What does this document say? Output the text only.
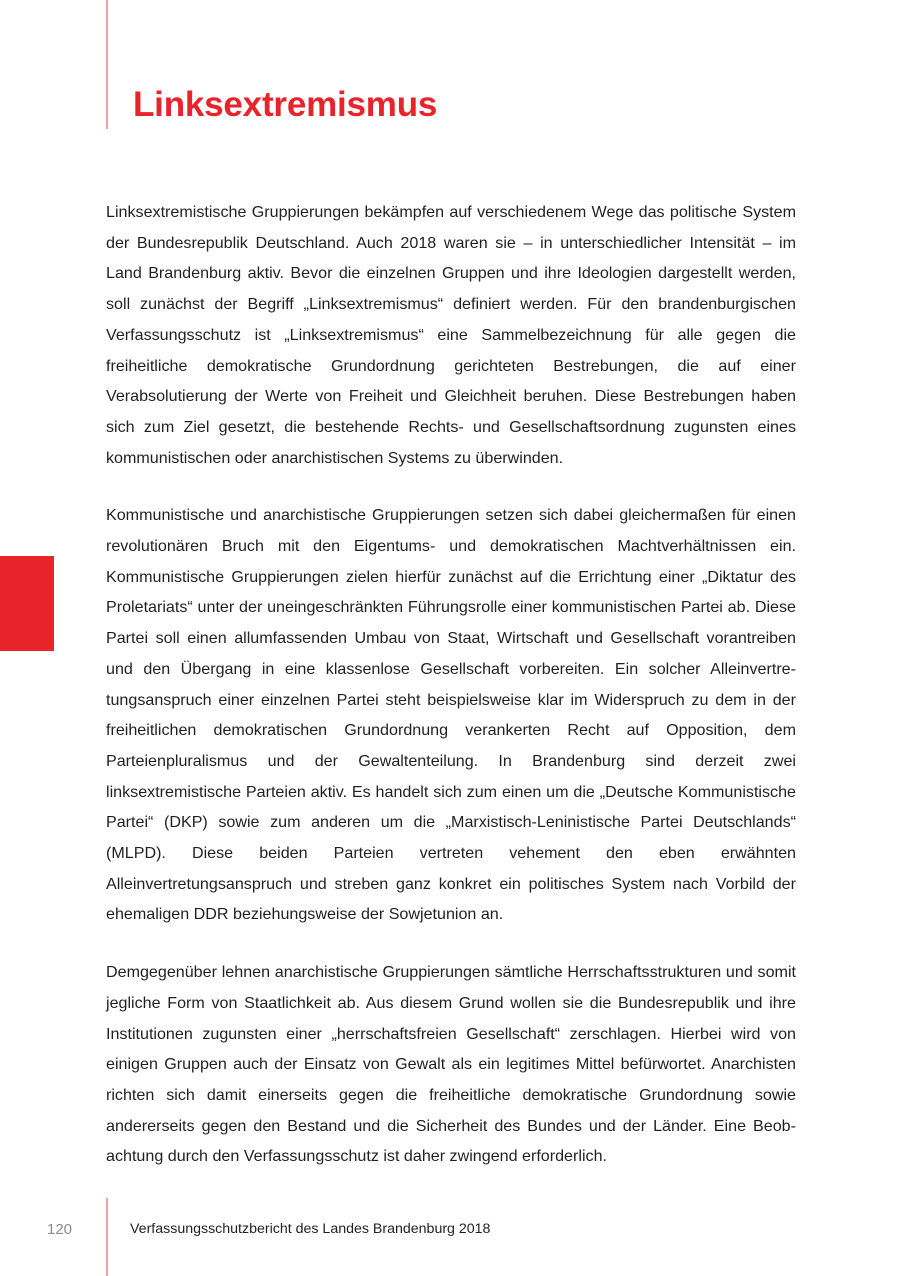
Linksextremismus

Linksextremistische Gruppierungen bekämpfen auf verschiedenem Wege das politische System der Bundesrepublik Deutschland. Auch 2018 waren sie – in unterschiedlicher Intensität – im Land Brandenburg aktiv. Bevor die einzelnen Gruppen und ihre Ideologien dargestellt werden, soll zunächst der Begriff „Linksextremismus“ definiert werden. Für den brandenburgischen Verfassungsschutz ist „Linksextremismus“ eine Sammelbezeichnung für alle gegen die freiheitliche demokratische Grundordnung gerichteten Bestrebungen, die auf einer Verabsolutierung der Werte von Freiheit und Gleichheit beruhen. Diese Bestrebungen haben sich zum Ziel gesetzt, die bestehende Rechts- und Gesellschaftsordnung zugunsten eines kommunistischen oder anarchistischen Systems zu überwinden.

Kommunistische und anarchistische Gruppierungen setzen sich dabei gleichermaßen für einen revolutionären Bruch mit den Eigentums- und demokratischen Machtverhältnissen ein. Kommunistische Gruppierungen zielen hierfür zunächst auf die Errichtung einer „Diktatur des Proletariats“ unter der uneingeschränkten Führungsrolle einer kommunistischen Partei ab. Diese Partei soll einen allumfassenden Umbau von Staat, Wirtschaft und Gesellschaft vorantreiben und den Übergang in eine klassenlose Gesellschaft vorbereiten. Ein solcher Alleinvertretungsanspruch einer einzelnen Partei steht beispielsweise klar im Widerspruch zu dem in der freiheitlichen demokratischen Grundordnung verankerten Recht auf Opposition, dem Parteienpluralismus und der Gewaltenteilung. In Brandenburg sind derzeit zwei linksextremistische Parteien aktiv. Es handelt sich zum einen um die „Deutsche Kommunistische Partei“ (DKP) sowie zum anderen um die „Marxistisch-Leninistische Partei Deutschlands“ (MLPD). Diese beiden Parteien vertreten vehement den eben erwähnten Alleinvertretungsanspruch und streben ganz konkret ein politisches System nach Vorbild der ehemaligen DDR beziehungsweise der Sowjetunion an.

Demgegenüber lehnen anarchistische Gruppierungen sämtliche Herrschaftsstrukturen und somit jegliche Form von Staatlichkeit ab. Aus diesem Grund wollen sie die Bundesrepublik und ihre Institutionen zugunsten einer „herrschaftsfreien Gesellschaft“ zerschlagen. Hierbei wird von einigen Gruppen auch der Einsatz von Gewalt als ein legitimes Mittel befürwortet. Anarchisten richten sich damit einerseits gegen die freiheitliche demokratische Grundordnung sowie andererseits gegen den Bestand und die Sicherheit des Bundes und der Länder. Eine Beobachtung durch den Verfassungsschutz ist daher zwingend erforderlich.

120	Verfassungsschutzbericht des Landes Brandenburg 2018
